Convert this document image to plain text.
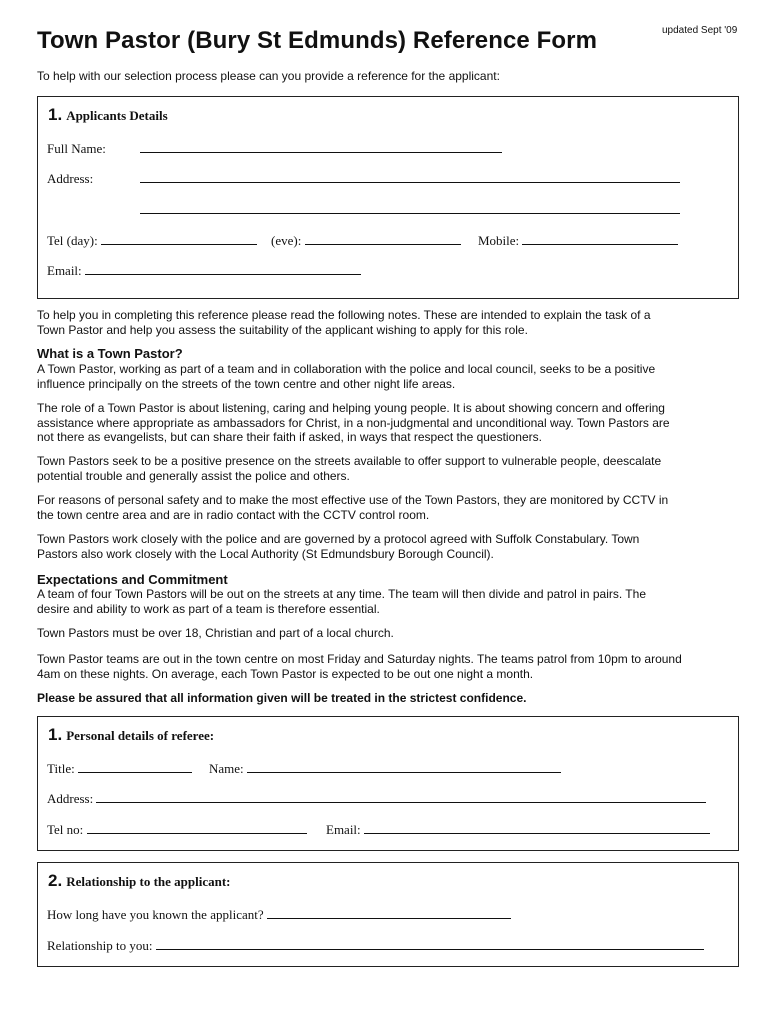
updated Sept '09
Town Pastor (Bury St Edmunds) Reference Form
To help with our selection process please can you provide a reference for the applicant:
1. Applicants Details
Full Name:
Address:
Tel (day):	(eve):	Mobile:
Email:
To help you in completing this reference please read the following notes. These are intended to explain the task of a
Town Pastor and help you assess the suitability of the applicant wishing to apply for this role.
What is a Town Pastor?
A Town Pastor, working as part of a team and in collaboration with the police and local council, seeks to be a positive
influence principally on the streets of the town centre and other night life areas.
The role of a Town Pastor is about listening, caring and helping young people. It is about showing concern and offering
assistance where appropriate as ambassadors for Christ, in a non-judgmental and unconditional way. Town Pastors are
not there as evangelists, but can share their faith if asked, in ways that respect the questioners.
Town Pastors seek to be a positive presence on the streets available to offer support to vulnerable people, deescalate
potential trouble and generally assist the police and others.
For reasons of personal safety and to make the most effective use of the Town Pastors, they are monitored by CCTV in
the town centre area and are in radio contact with the CCTV control room.
Town Pastors work closely with the police and are governed by a protocol agreed with Suffolk Constabulary. Town
Pastors also work closely with the Local Authority (St Edmundsbury Borough Council).
Expectations and Commitment
A team of four Town Pastors will be out on the streets at any time. The team will then divide and patrol in pairs. The
desire and ability to work as part of a team is therefore essential.
Town Pastors must be over 18, Christian and part of a local church.
Town Pastor teams are out in the town centre on most Friday and Saturday nights. The teams patrol from 10pm to around
4am on these nights. On average, each Town Pastor is expected to be out one night a month.
Please be assured that all information given will be treated in the strictest confidence.
1. Personal details of referee:
Title:	Name:
Address:
Tel no:	Email:
2. Relationship to the applicant:
How long have you known the applicant?
Relationship to you:
